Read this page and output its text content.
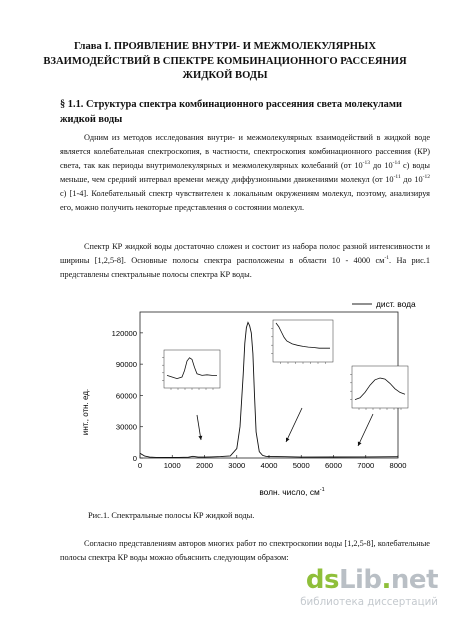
Глава I. ПРОЯВЛЕНИЕ ВНУТРИ- И МЕЖМОЛЕКУЛЯРНЫХ ВЗАИМОДЕЙСТВИЙ В СПЕКТРЕ КОМБИНАЦИОННОГО РАССЕЯНИЯ ЖИДКОЙ ВОДЫ

§ 1.1. Структура спектра комбинационного рассеяния света молекулами жидкой воды

Одним из методов исследования внутри- и межмолекулярных взаимодействий в жидкой воде является колебательная спектроскопия, в частности, спектроскопия комбинационного рассеяния (КР) света, так как периоды внутримолекулярных и межмолекулярных колебаний (от $10^{-13}$ до $10^{-14}$ с) воды меньше, чем средний интервал времени между диффузионными движениями молекул (от $10^{-11}$ до $10^{-12}$ с) [1-4]. Колебательный спектр чувствителен к локальным окружениям молекул, поэтому, анализируя его, можно получить некоторые представления о состоянии молекул.

Спектр КР жидкой воды достаточно сложен и состоит из набора полос разной интенсивности и ширины [1,2,5-8]. Основные полосы спектра расположены в области 10 - 4000 $см^{-1}$. На рис.1 представлены спектральные полосы спектра КР воды.

0	1000 2000 3000 4000 5000 6000 7000 8000
0
30000
60000
90000
120000
дист. вода
инт., отн. ед.
волн. число, $см^{-1}$

Рис.1. Спектральные полосы КР жидкой воды.

Согласно представлениям авторов многих работ по спектроскопии воды [1,2,5-8], колебательные полосы спектра КР воды можно объяснить следующим образом:

dsLib.net
библиотека диссертаций
